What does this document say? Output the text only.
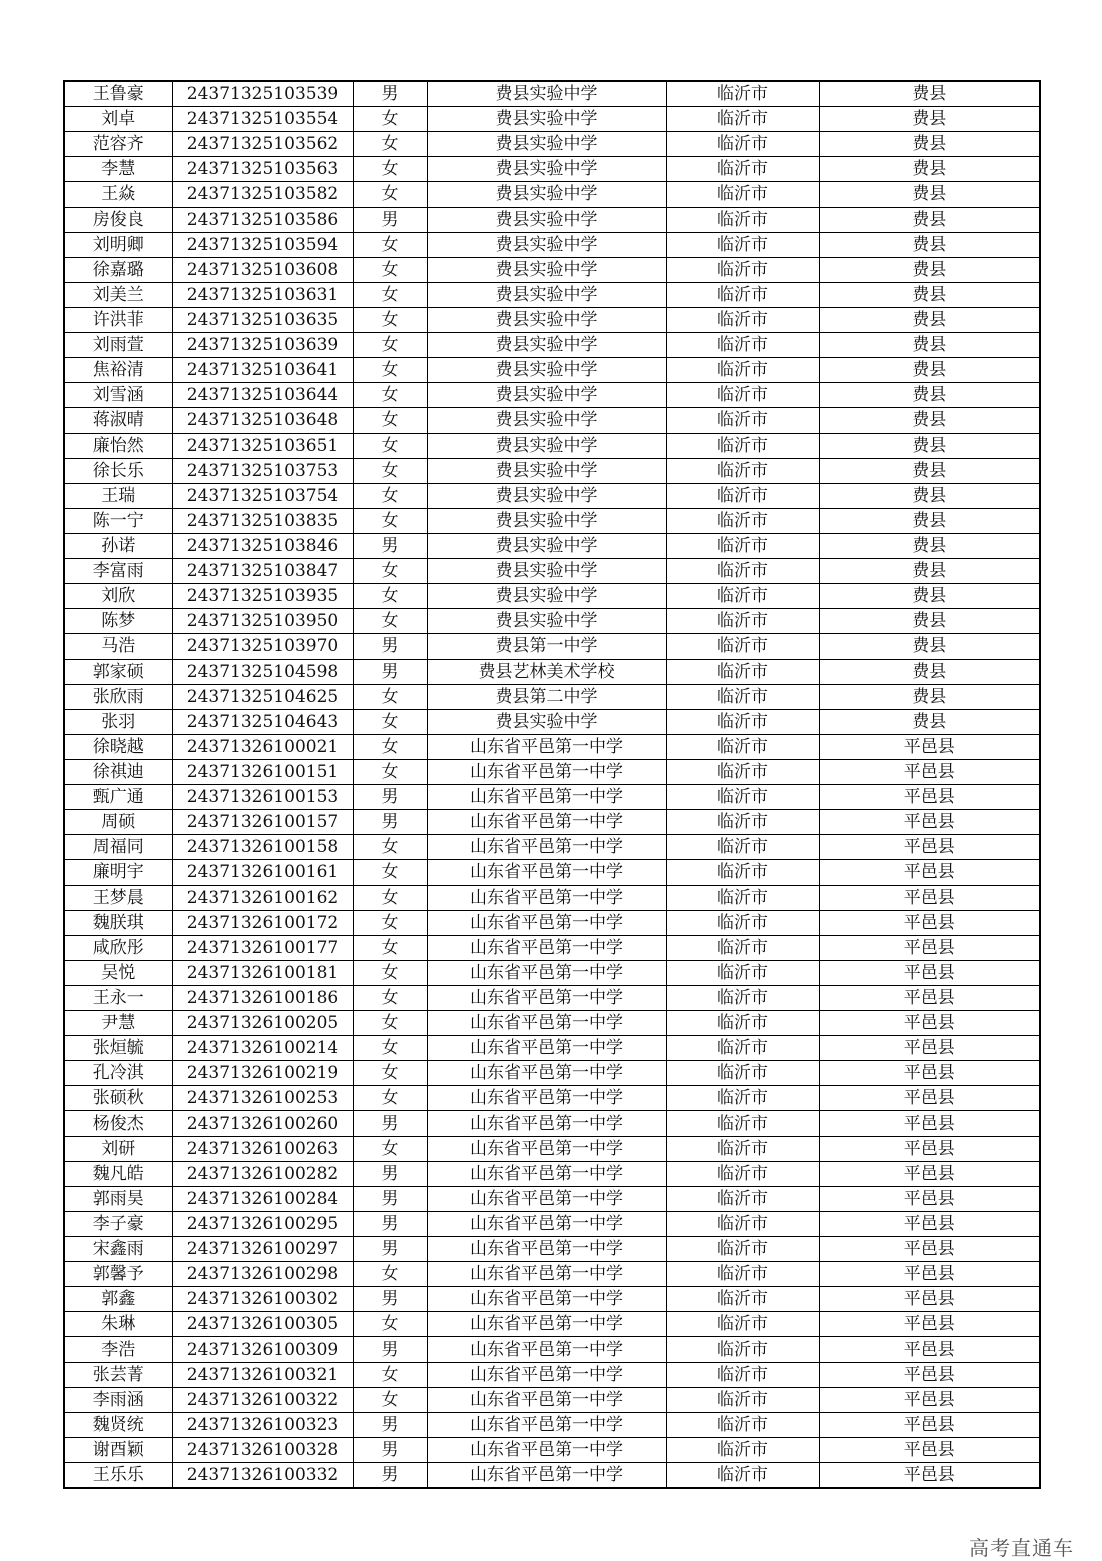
王鲁豪	24371325103539	男	费县实验中学	临沂市	费县
刘卓	24371325103554	女	费县实验中学	临沂市	费县
范容齐	24371325103562	女	费县实验中学	临沂市	费县
李慧	24371325103563	女	费县实验中学	临沂市	费县
王焱	24371325103582	女	费县实验中学	临沂市	费县
房俊良	24371325103586	男	费县实验中学	临沂市	费县
刘明卿	24371325103594	女	费县实验中学	临沂市	费县
徐嘉璐	24371325103608	女	费县实验中学	临沂市	费县
刘美兰	24371325103631	女	费县实验中学	临沂市	费县
许洪菲	24371325103635	女	费县实验中学	临沂市	费县
刘雨萱	24371325103639	女	费县实验中学	临沂市	费县
焦裕清	24371325103641	女	费县实验中学	临沂市	费县
刘雪涵	24371325103644	女	费县实验中学	临沂市	费县
蒋淑晴	24371325103648	女	费县实验中学	临沂市	费县
廉怡然	24371325103651	女	费县实验中学	临沂市	费县
徐长乐	24371325103753	女	费县实验中学	临沂市	费县
王瑞	24371325103754	女	费县实验中学	临沂市	费县
陈一宁	24371325103835	女	费县实验中学	临沂市	费县
孙诺	24371325103846	男	费县实验中学	临沂市	费县
李富雨	24371325103847	女	费县实验中学	临沂市	费县
刘欣	24371325103935	女	费县实验中学	临沂市	费县
陈梦	24371325103950	女	费县实验中学	临沂市	费县
马浩	24371325103970	男	费县第一中学	临沂市	费县
郭家硕	24371325104598	男	费县艺林美术学校	临沂市	费县
张欣雨	24371325104625	女	费县第二中学	临沂市	费县
张羽	24371325104643	女	费县实验中学	临沂市	费县
徐晓越	24371326100021	女	山东省平邑第一中学	临沂市	平邑县
徐祺迪	24371326100151	女	山东省平邑第一中学	临沂市	平邑县
甄广通	24371326100153	男	山东省平邑第一中学	临沂市	平邑县
周硕	24371326100157	男	山东省平邑第一中学	临沂市	平邑县
周福同	24371326100158	女	山东省平邑第一中学	临沂市	平邑县
廉明宇	24371326100161	女	山东省平邑第一中学	临沂市	平邑县
王梦晨	24371326100162	女	山东省平邑第一中学	临沂市	平邑县
魏朕琪	24371326100172	女	山东省平邑第一中学	临沂市	平邑县
咸欣彤	24371326100177	女	山东省平邑第一中学	临沂市	平邑县
吴悦	24371326100181	女	山东省平邑第一中学	临沂市	平邑县
王永一	24371326100186	女	山东省平邑第一中学	临沂市	平邑县
尹慧	24371326100205	女	山东省平邑第一中学	临沂市	平邑县
张烜毓	24371326100214	女	山东省平邑第一中学	临沂市	平邑县
孔冷淇	24371326100219	女	山东省平邑第一中学	临沂市	平邑县
张硕秋	24371326100253	女	山东省平邑第一中学	临沂市	平邑县
杨俊杰	24371326100260	男	山东省平邑第一中学	临沂市	平邑县
刘研	24371326100263	女	山东省平邑第一中学	临沂市	平邑县
魏凡皓	24371326100282	男	山东省平邑第一中学	临沂市	平邑县
郭雨昊	24371326100284	男	山东省平邑第一中学	临沂市	平邑县
李子豪	24371326100295	男	山东省平邑第一中学	临沂市	平邑县
宋鑫雨	24371326100297	男	山东省平邑第一中学	临沂市	平邑县
郭馨予	24371326100298	女	山东省平邑第一中学	临沂市	平邑县
郭鑫	24371326100302	男	山东省平邑第一中学	临沂市	平邑县
朱琳	24371326100305	女	山东省平邑第一中学	临沂市	平邑县
李浩	24371326100309	男	山东省平邑第一中学	临沂市	平邑县
张芸菁	24371326100321	女	山东省平邑第一中学	临沂市	平邑县
李雨涵	24371326100322	女	山东省平邑第一中学	临沂市	平邑县
魏贤统	24371326100323	男	山东省平邑第一中学	临沂市	平邑县
谢酉颖	24371326100328	男	山东省平邑第一中学	临沂市	平邑县
王乐乐	24371326100332	男	山东省平邑第一中学	临沂市	平邑县
高考直通车
